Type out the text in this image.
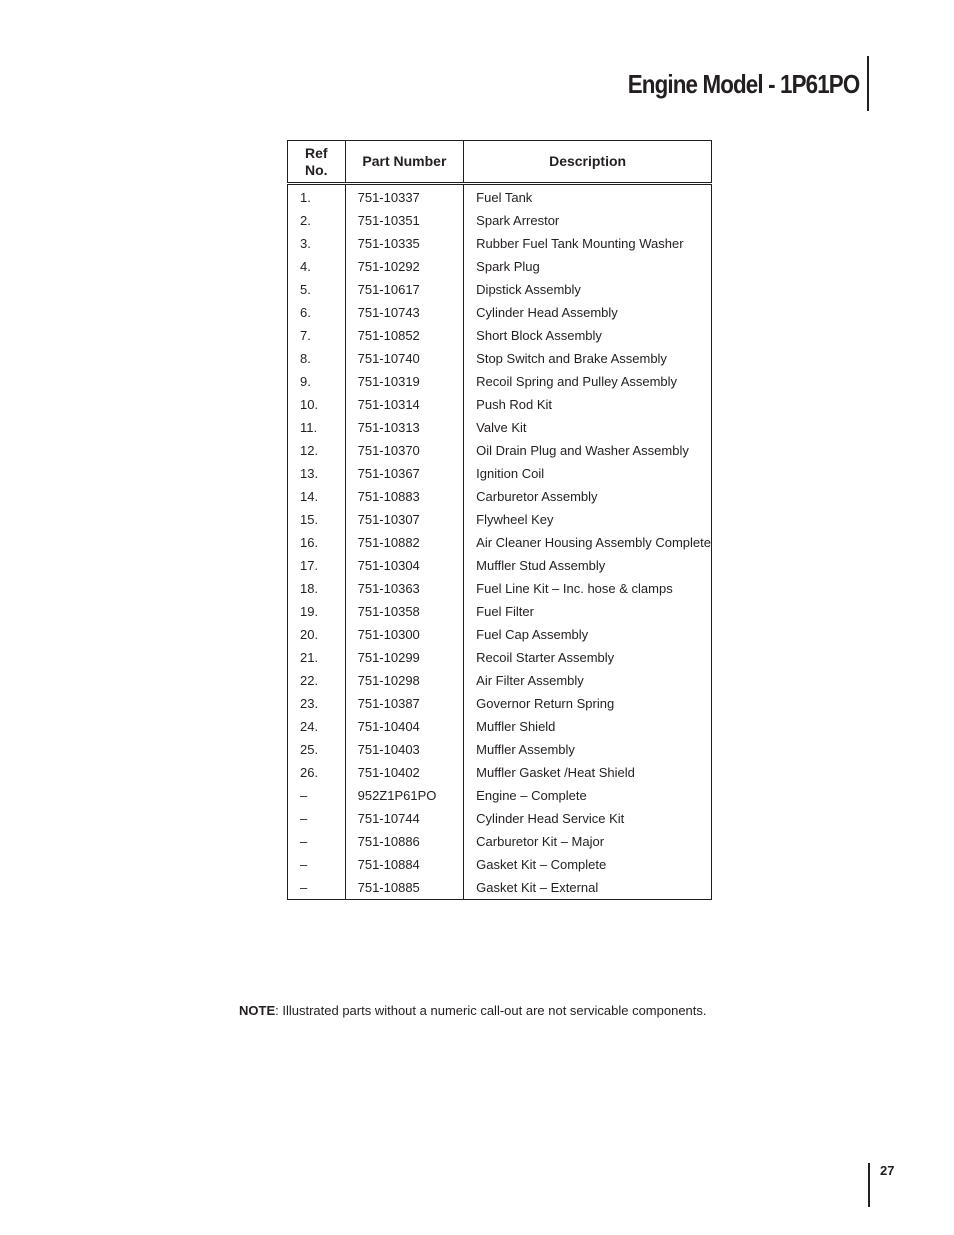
Engine Model - 1P61PO
Ref
No.	Part Number	Description
1.	751-10337	Fuel Tank
2.	751-10351	Spark Arrestor
3.	751-10335	Rubber Fuel Tank Mounting Washer
4.	751-10292	Spark Plug
5.	751-10617	Dipstick Assembly
6.	751-10743	Cylinder Head Assembly
7.	751-10852	Short Block Assembly
8.	751-10740	Stop Switch and Brake Assembly
9.	751-10319	Recoil Spring and Pulley Assembly
10.	751-10314	Push Rod Kit
11.	751-10313	Valve Kit
12.	751-10370	Oil Drain Plug and Washer Assembly
13.	751-10367	Ignition Coil
14.	751-10883	Carburetor Assembly
15.	751-10307	Flywheel Key
16.	751-10882	Air Cleaner Housing Assembly Complete
17.	751-10304	Muffler Stud Assembly
18.	751-10363	Fuel Line Kit – Inc. hose & clamps
19.	751-10358	Fuel Filter
20.	751-10300	Fuel Cap Assembly
21.	751-10299	Recoil Starter Assembly
22.	751-10298	Air Filter Assembly
23.	751-10387	Governor Return Spring
24.	751-10404	Muffler Shield
25.	751-10403	Muffler Assembly
26.	751-10402	Muffler Gasket /Heat Shield
–	952Z1P61PO	Engine – Complete
–	751-10744	Cylinder Head Service Kit
–	751-10886	Carburetor Kit – Major
–	751-10884	Gasket Kit – Complete
–	751-10885	Gasket Kit – External

NOTE: Illustrated parts without a numeric call-out are not servicable components.

27
